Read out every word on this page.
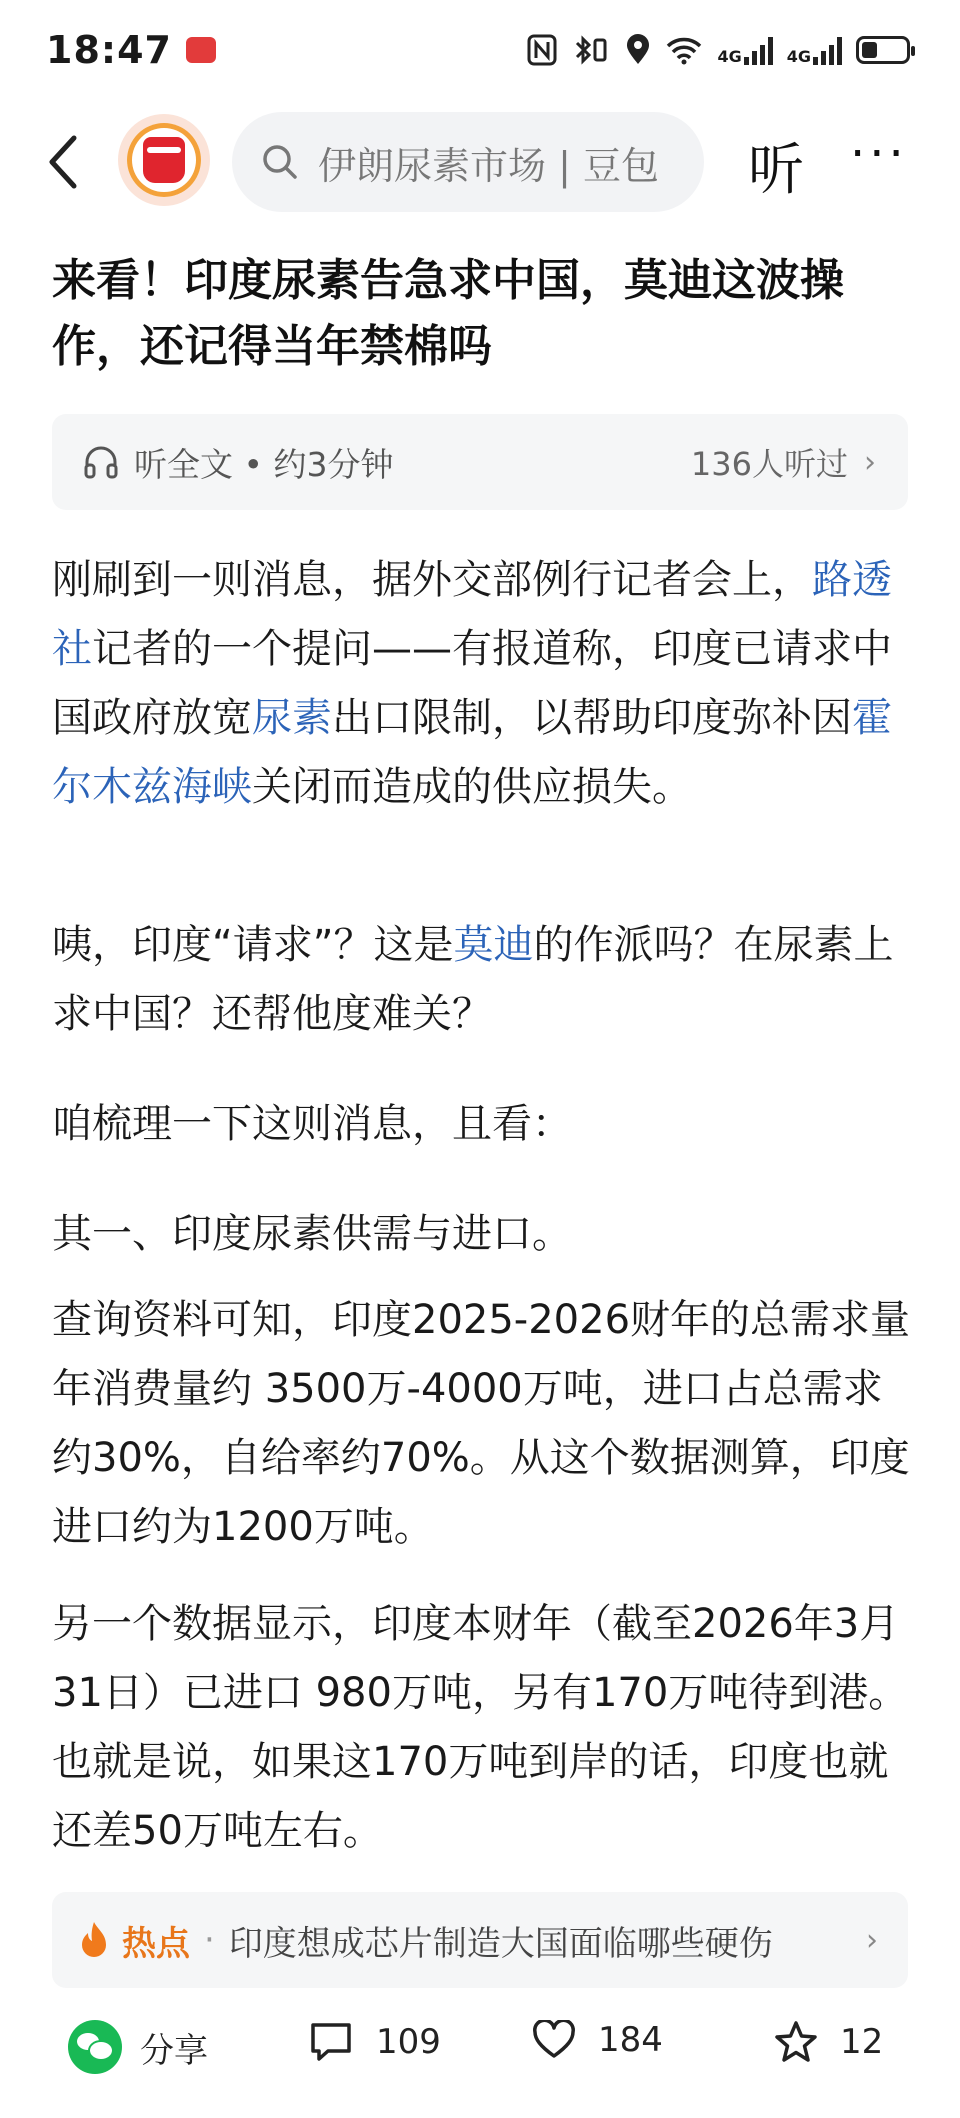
18:47	4G	4G
伊朗尿素市场 | 豆包 听 ···
来看！印度尿素告急求中国，莫迪这波操作，还记得当年禁棉吗
听全文 • 约3分钟	136人听过 ›

刚刷到一则消息，据外交部例行记者会上，路透社记者的一个提问——有报道称，印度已请求中国政府放宽尿素出口限制，以帮助印度弥补因霍尔木兹海峡关闭而造成的供应损失。

咦，印度“请求”？这是莫迪的作派吗？在尿素上求中国？还帮他度难关？

咱梳理一下这则消息，且看：

其一、印度尿素供需与进口。

查询资料可知，印度2025-2026财年的总需求量年消费量约 3500万-4000万吨，进口占总需求约30%，自给率约70%。从这个数据测算，印度进口约为1200万吨。

另一个数据显示，印度本财年（截至2026年3月31日）已进口 980万吨，另有170万吨待到港。也就是说，如果这170万吨到岸的话，印度也就还差50万吨左右。

热点 · 印度想成芯片制造大国面临哪些硬伤	›
分享	109	184	12
